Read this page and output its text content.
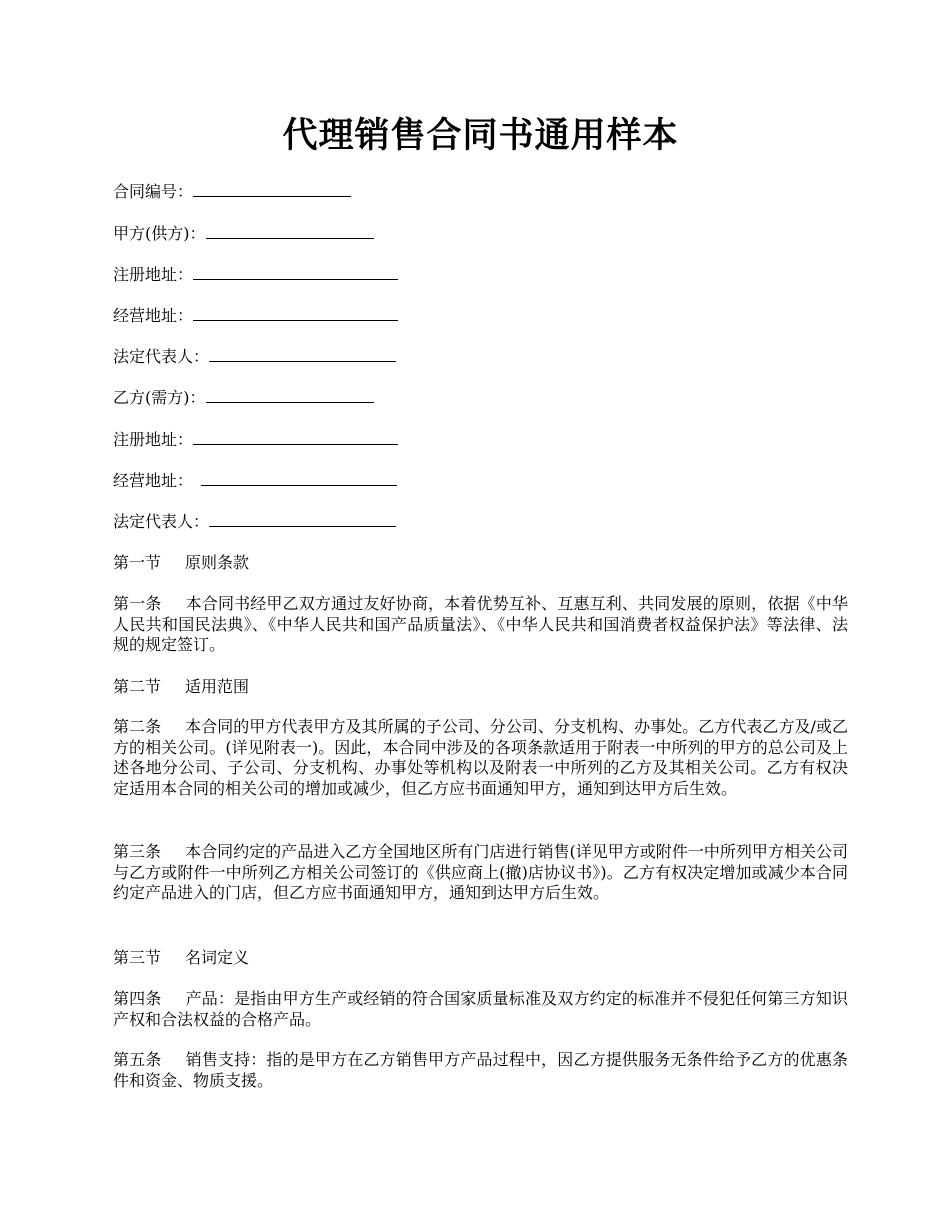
代理销售合同书通用样本
合同编号：
甲方(供方)：
注册地址：
经营地址：
法定代表人：
乙方(需方)：
注册地址：
经营地址：
法定代表人：
第一节 原则条款
第一条 本合同书经甲乙双方通过友好协商，本着优势互补、互惠互利、共同发展的原则，依据《中华人民共和国民法典》、《中华人民共和国产品质量法》、《中华人民共和国消费者权益保护法》等法律、法规的规定签订。
第二节 适用范围
第二条 本合同的甲方代表甲方及其所属的子公司、分公司、分支机构、办事处。乙方代表乙方及/或乙方的相关公司。(详见附表一)。因此，本合同中涉及的各项条款适用于附表一中所列的甲方的总公司及上述各地分公司、子公司、分支机构、办事处等机构以及附表一中所列的乙方及其相关公司。乙方有权决定适用本合同的相关公司的增加或减少，但乙方应书面通知甲方，通知到达甲方后生效。
第三条 本合同约定的产品进入乙方全国地区所有门店进行销售(详见甲方或附件一中所列甲方相关公司与乙方或附件一中所列乙方相关公司签订的《供应商上(撤)店协议书》)。乙方有权决定增加或减少本合同约定产品进入的门店，但乙方应书面通知甲方，通知到达甲方后生效。
第三节 名词定义
第四条 产品：是指由甲方生产或经销的符合国家质量标准及双方约定的标准并不侵犯任何第三方知识产权和合法权益的合格产品。
第五条 销售支持：指的是甲方在乙方销售甲方产品过程中，因乙方提供服务无条件给予乙方的优惠条件和资金、物质支援。
